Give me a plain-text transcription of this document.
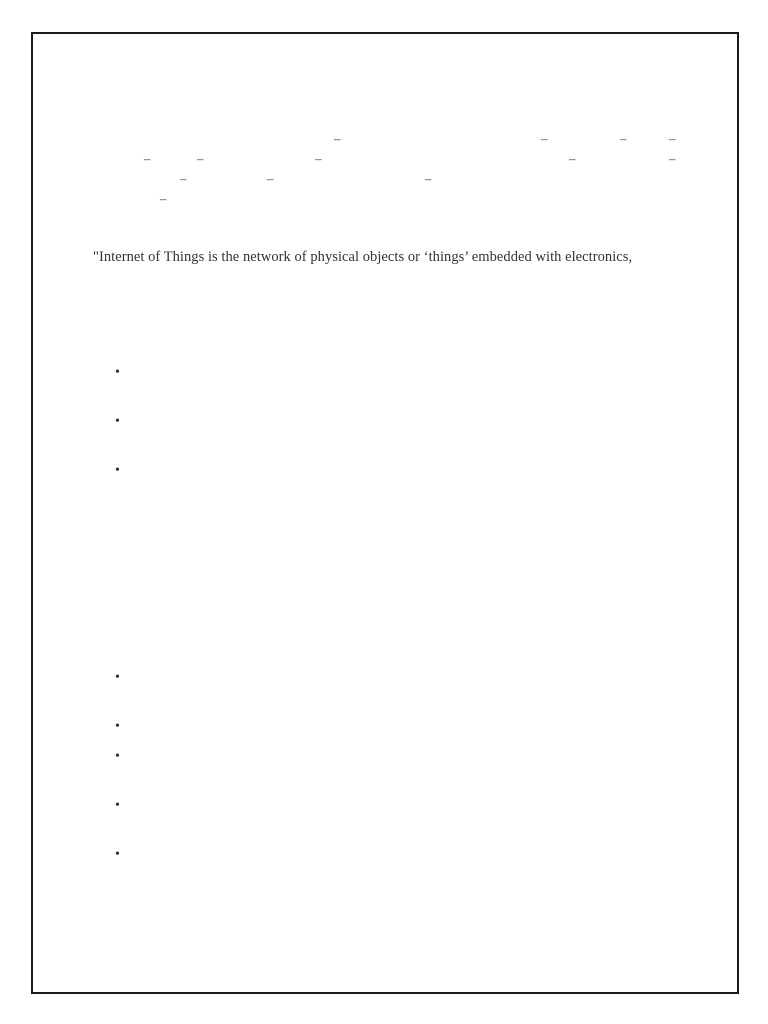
–	–	–	–
–	–	–	–	–
–	–	–
–
"Internet of Things is the network of physical objects or ‘things’ embedded with electronics,
•
•
•
•
•
•
•
•
